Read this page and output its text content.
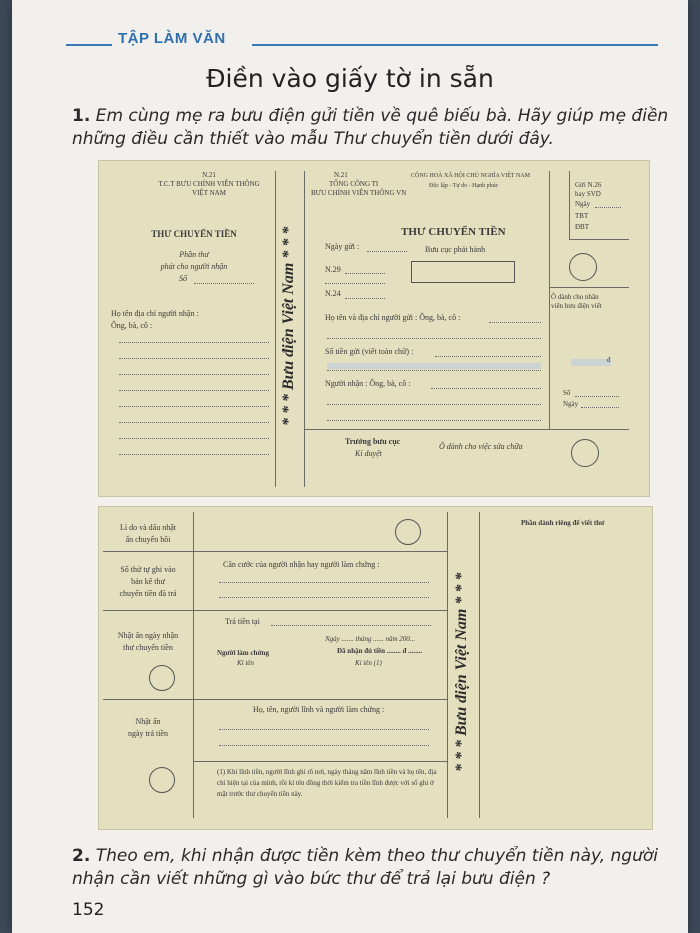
TẬP LÀM VĂN
Điền vào giấy tờ in sẵn
1. Em cùng mẹ ra bưu điện gửi tiền về quê biếu bà. Hãy giúp mẹ điền những điều cần thiết vào mẫu Thư chuyển tiền dưới đây.
N.21
T.C.T BƯU CHÍNH VIỄN THÔNG
VIỆT NAM
THƯ CHUYỂN TIỀN
Phần thư
phát cho người nhận
Số
Họ tên địa chỉ người nhận :
Ông, bà, cô :	* * * Bưu điện Việt Nam * * *
N.21
TỔNG CÔNG TI
BƯU CHÍNH VIỄN THÔNG VN
CỘNG HOÀ XÃ HỘI CHỦ NGHĨA VIỆT NAM
Độc lập - Tự do - Hạnh phúc
THƯ CHUYỂN TIỀN
Ngày gửi :	Bưu cục phát hành
N.29
N.24
Họ tên và địa chỉ người gửi : Ông, bà, cô :
Số tiền gửi (viết toàn chữ) :
Người nhận : Ông, bà, cô :
Trưởng bưu cục
Kí duyệt
Ô dành cho việc sửa chữa
Gửi N.26
hay SVD
Ngày
TBT
ĐBT
Ô dành cho nhân
viên bưu điện viết
đ
Số
Ngày
Lí do và dấu nhật
ấn chuyển hồi
Số thứ tự ghi vào
bản kê thư
chuyển tiền đã trả
Căn cước của người nhận hay người làm chứng :
Trả tiền tại
Nhật ấn ngày nhận
thư chuyển tiền
Ngày ....... tháng ...... năm 200...
Người làm chứng
Kí tên
Đã nhận đủ tiền ........ đ ........
Kí tên (1)
Họ, tên, người lĩnh và người làm chứng :
Nhật ấn
ngày trả tiền
(1) Khi lĩnh tiền, người lĩnh ghi rõ nơi, ngày tháng năm lĩnh tiền và họ tên, địa chỉ hiện tại của mình, rồi kí tên đồng thời kiểm tra tiền lĩnh được với số ghi ở mặt trước thư chuyển tiền này.
* * * Bưu điện Việt Nam * * *
Phần dành riêng để viết thư
2. Theo em, khi nhận được tiền kèm theo thư chuyển tiền này, người nhận cần viết những gì vào bức thư để trả lại bưu điện ?
152
